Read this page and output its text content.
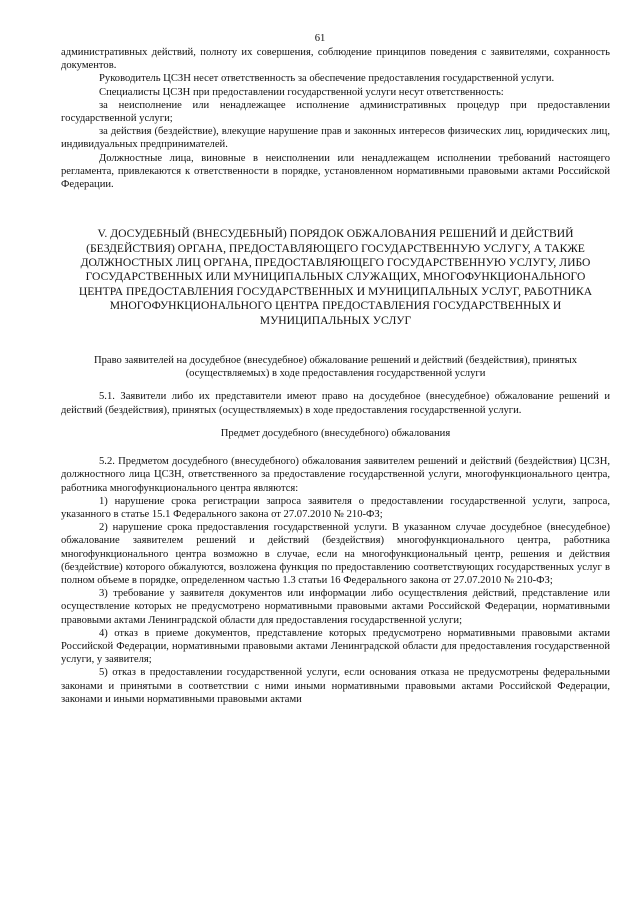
61

административных действий, полноту их совершения, соблюдение принципов поведения с заявителями, сохранность документов.

Руководитель ЦСЗН несет ответственность за обеспечение предоставления государственной услуги.

Специалисты ЦСЗН при предоставлении государственной услуги несут ответственность:

за неисполнение или ненадлежащее исполнение административных процедур при предоставлении государственной услуги;

за действия (бездействие), влекущие нарушение прав и законных интересов физических лиц, юридических лиц, индивидуальных предпринимателей.

Должностные лица, виновные в неисполнении или ненадлежащем исполнении требований настоящего регламента, привлекаются к ответственности в порядке, установленном нормативными правовыми актами Российской Федерации.

V. ДОСУДЕБНЫЙ (ВНЕСУДЕБНЫЙ) ПОРЯДОК ОБЖАЛОВАНИЯ РЕШЕНИЙ И ДЕЙСТВИЙ (БЕЗДЕЙСТВИЯ) ОРГАНА, ПРЕДОСТАВЛЯЮЩЕГО ГОСУДАРСТВЕННУЮ УСЛУГУ, А ТАКЖЕ ДОЛЖНОСТНЫХ ЛИЦ ОРГАНА, ПРЕДОСТАВЛЯЮЩЕГО ГОСУДАРСТВЕННУЮ УСЛУГУ, ЛИБО ГОСУДАРСТВЕННЫХ ИЛИ МУНИЦИПАЛЬНЫХ СЛУЖАЩИХ, МНОГОФУНКЦИОНАЛЬНОГО ЦЕНТРА ПРЕДОСТАВЛЕНИЯ ГОСУДАРСТВЕННЫХ И МУНИЦИПАЛЬНЫХ УСЛУГ, РАБОТНИКА МНОГОФУНКЦИОНАЛЬНОГО ЦЕНТРА ПРЕДОСТАВЛЕНИЯ ГОСУДАРСТВЕННЫХ И МУНИЦИПАЛЬНЫХ УСЛУГ

Право заявителей на досудебное (внесудебное) обжалование решений и действий (бездействия), принятых (осуществляемых) в ходе предоставления государственной услуги

5.1. Заявители либо их представители имеют право на досудебное (внесудебное) обжалование решений и действий (бездействия), принятых (осуществляемых) в ходе предоставления государственной услуги.

Предмет досудебного (внесудебного) обжалования

5.2. Предметом досудебного (внесудебного) обжалования заявителем решений и действий (бездействия) ЦСЗН, должностного лица ЦСЗН, ответственного за предоставление государственной услуги, многофункционального центра, работника многофункционального центра являются:

1) нарушение срока регистрации запроса заявителя о предоставлении государственной услуги, запроса, указанного в статье 15.1 Федерального закона от 27.07.2010 № 210-ФЗ;

2) нарушение срока предоставления государственной услуги. В указанном случае досудебное (внесудебное) обжалование заявителем решений и действий (бездействия) многофункционального центра, работника многофункционального центра возможно в случае, если на многофункциональный центр, решения и действия (бездействие) которого обжалуются, возложена функция по предоставлению соответствующих государственных услуг в полном объеме в порядке, определенном частью 1.3 статьи 16 Федерального закона от 27.07.2010 № 210-ФЗ;

3) требование у заявителя документов или информации либо осуществления действий, представление или осуществление которых не предусмотрено нормативными правовыми актами Российской Федерации, нормативными правовыми актами Ленинградской области для предоставления государственной услуги;

4) отказ в приеме документов, представление которых предусмотрено нормативными правовыми актами Российской Федерации, нормативными правовыми актами Ленинградской области для предоставления государственной услуги, у заявителя;

5) отказ в предоставлении государственной услуги, если основания отказа не предусмотрены федеральными законами и принятыми в соответствии с ними иными нормативными правовыми актами Российской Федерации, законами и иными нормативными правовыми актами
